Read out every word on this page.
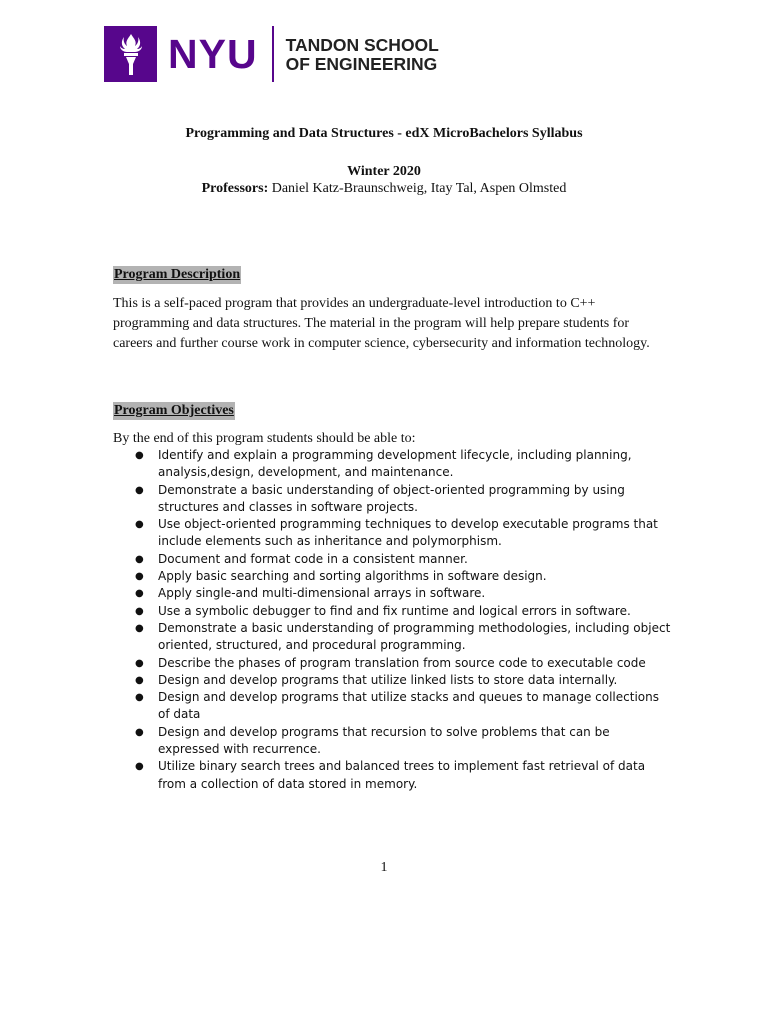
NYU TANDON SCHOOL
OF ENGINEERING
Programming and Data Structures - edX MicroBachelors Syllabus
Winter 2020
Professors: Daniel Katz-Braunschweig, Itay Tal, Aspen Olmsted
Program Description
This is a self-paced program that provides an undergraduate-level introduction to C++ programming and data structures. The material in the program will help prepare students for careers and further course work in computer science, cybersecurity and information technology.
Program Objectives
By the end of this program students should be able to:
● Identify and explain a programming development lifecycle, including planning, analysis,design, development, and maintenance.
● Demonstrate a basic understanding of object-oriented programming by using structures and classes in software projects.
● Use object-oriented programming techniques to develop executable programs that include elements such as inheritance and polymorphism.
● Document and format code in a consistent manner.
● Apply basic searching and sorting algorithms in software design.
● Apply single-and multi-dimensional arrays in software.
● Use a symbolic debugger to find and fix runtime and logical errors in software.
● Demonstrate a basic understanding of programming methodologies, including object oriented, structured, and procedural programming.
● Describe the phases of program translation from source code to executable code
● Design and develop programs that utilize linked lists to store data internally.
● Design and develop programs that utilize stacks and queues to manage collections of data
● Design and develop programs that recursion to solve problems that can be expressed with recurrence.
● Utilize binary search trees and balanced trees to implement fast retrieval of data from a collection of data stored in memory.
1
